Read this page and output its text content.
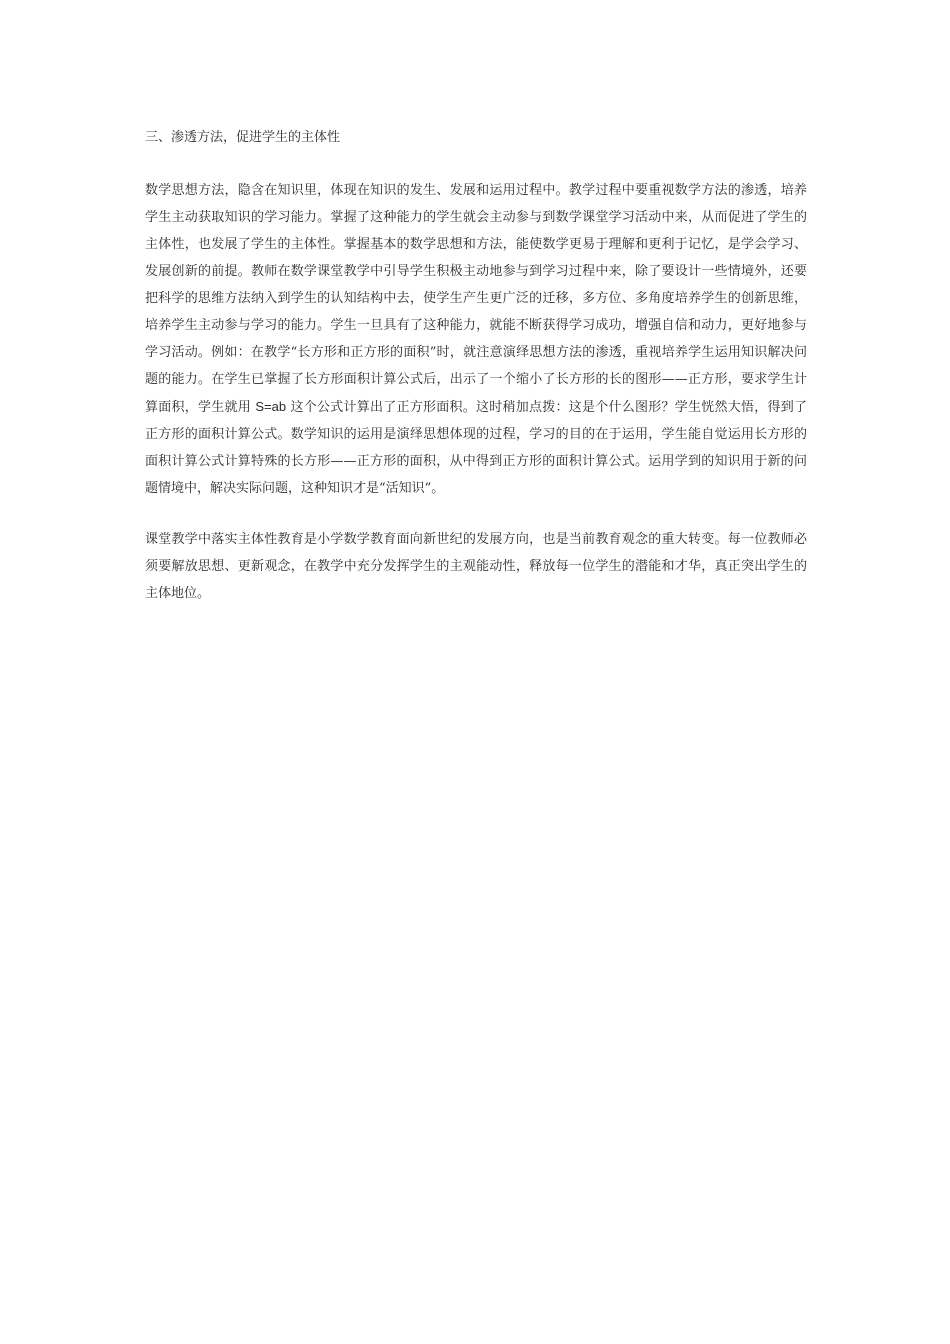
三、渗透方法，促进学生的主体性

数学思想方法，隐含在知识里，体现在知识的发生、发展和运用过程中。教学过程中要重视数学方法的渗透，培养学生主动获取知识的学习能力。掌握了这种能力的学生就会主动参与到数学课堂学习活动中来，从而促进了学生的主体性，也发展了学生的主体性。掌握基本的数学思想和方法，能使数学更易于理解和更利于记忆，是学会学习、发展创新的前提。教师在数学课堂教学中引导学生积极主动地参与到学习过程中来，除了要设计一些情境外，还要把科学的思维方法纳入到学生的认知结构中去，使学生产生更广泛的迁移，多方位、多角度培养学生的创新思维，培养学生主动参与学习的能力。学生一旦具有了这种能力，就能不断获得学习成功，增强自信和动力，更好地参与学习活动。例如：在教学“长方形和正方形的面积”时，就注意演绎思想方法的渗透，重视培养学生运用知识解决问题的能力。在学生已掌握了长方形面积计算公式后，出示了一个缩小了长方形的长的图形——正方形，要求学生计算面积，学生就用 S=ab 这个公式计算出了正方形面积。这时稍加点拨：这是个什么图形？学生恍然大悟，得到了正方形的面积计算公式。数学知识的运用是演绎思想体现的过程，学习的目的在于运用，学生能自觉运用长方形的面积计算公式计算特殊的长方形——正方形的面积，从中得到正方形的面积计算公式。运用学到的知识用于新的问题情境中，解决实际问题，这种知识才是“活知识”。

课堂教学中落实主体性教育是小学数学教育面向新世纪的发展方向，也是当前教育观念的重大转变。每一位教师必须要解放思想、更新观念，在教学中充分发挥学生的主观能动性，释放每一位学生的潜能和才华，真正突出学生的主体地位。
